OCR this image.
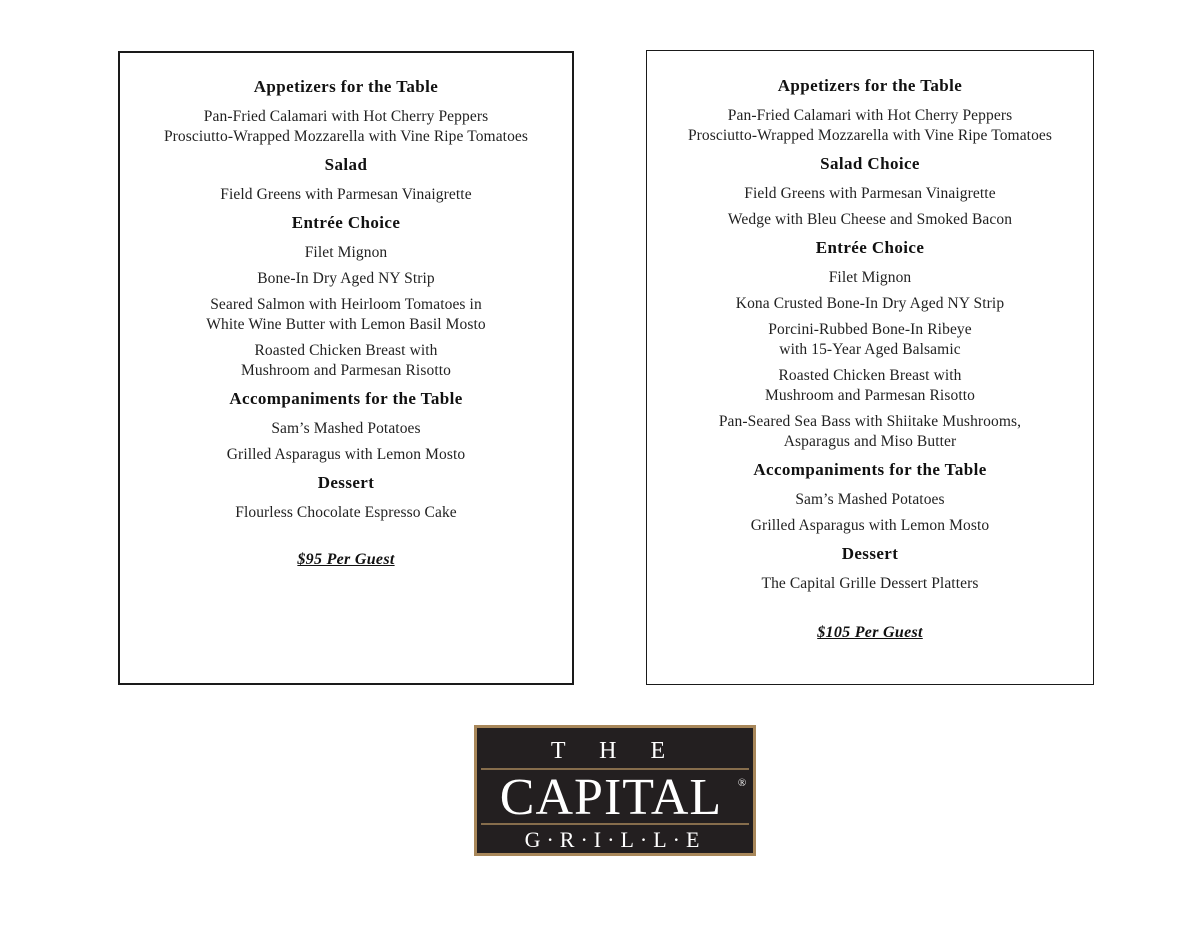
Appetizers for the Table
Pan-Fried Calamari with Hot Cherry Peppers
Prosciutto-Wrapped Mozzarella with Vine Ripe Tomatoes
Salad
Field Greens with Parmesan Vinaigrette
Entrée Choice
Filet Mignon
Bone-In Dry Aged NY Strip
Seared Salmon with Heirloom Tomatoes in
White Wine Butter with Lemon Basil Mosto
Roasted Chicken Breast with
Mushroom and Parmesan Risotto
Accompaniments for the Table
Sam’s Mashed Potatoes
Grilled Asparagus with Lemon Mosto
Dessert
Flourless Chocolate Espresso Cake
$95 Per Guest
Appetizers for the Table
Pan-Fried Calamari with Hot Cherry Peppers
Prosciutto-Wrapped Mozzarella with Vine Ripe Tomatoes
Salad Choice
Field Greens with Parmesan Vinaigrette
Wedge with Bleu Cheese and Smoked Bacon
Entrée Choice
Filet Mignon
Kona Crusted Bone-In Dry Aged NY Strip
Porcini-Rubbed Bone-In Ribeye
with 15-Year Aged Balsamic
Roasted Chicken Breast with
Mushroom and Parmesan Risotto
Pan-Seared Sea Bass with Shiitake Mushrooms,
Asparagus and Miso Butter
Accompaniments for the Table
Sam’s Mashed Potatoes
Grilled Asparagus with Lemon Mosto
Dessert
The Capital Grille Dessert Platters
$105 Per Guest
T H E
CAPITAL ®
G·R·I·L·L·E
